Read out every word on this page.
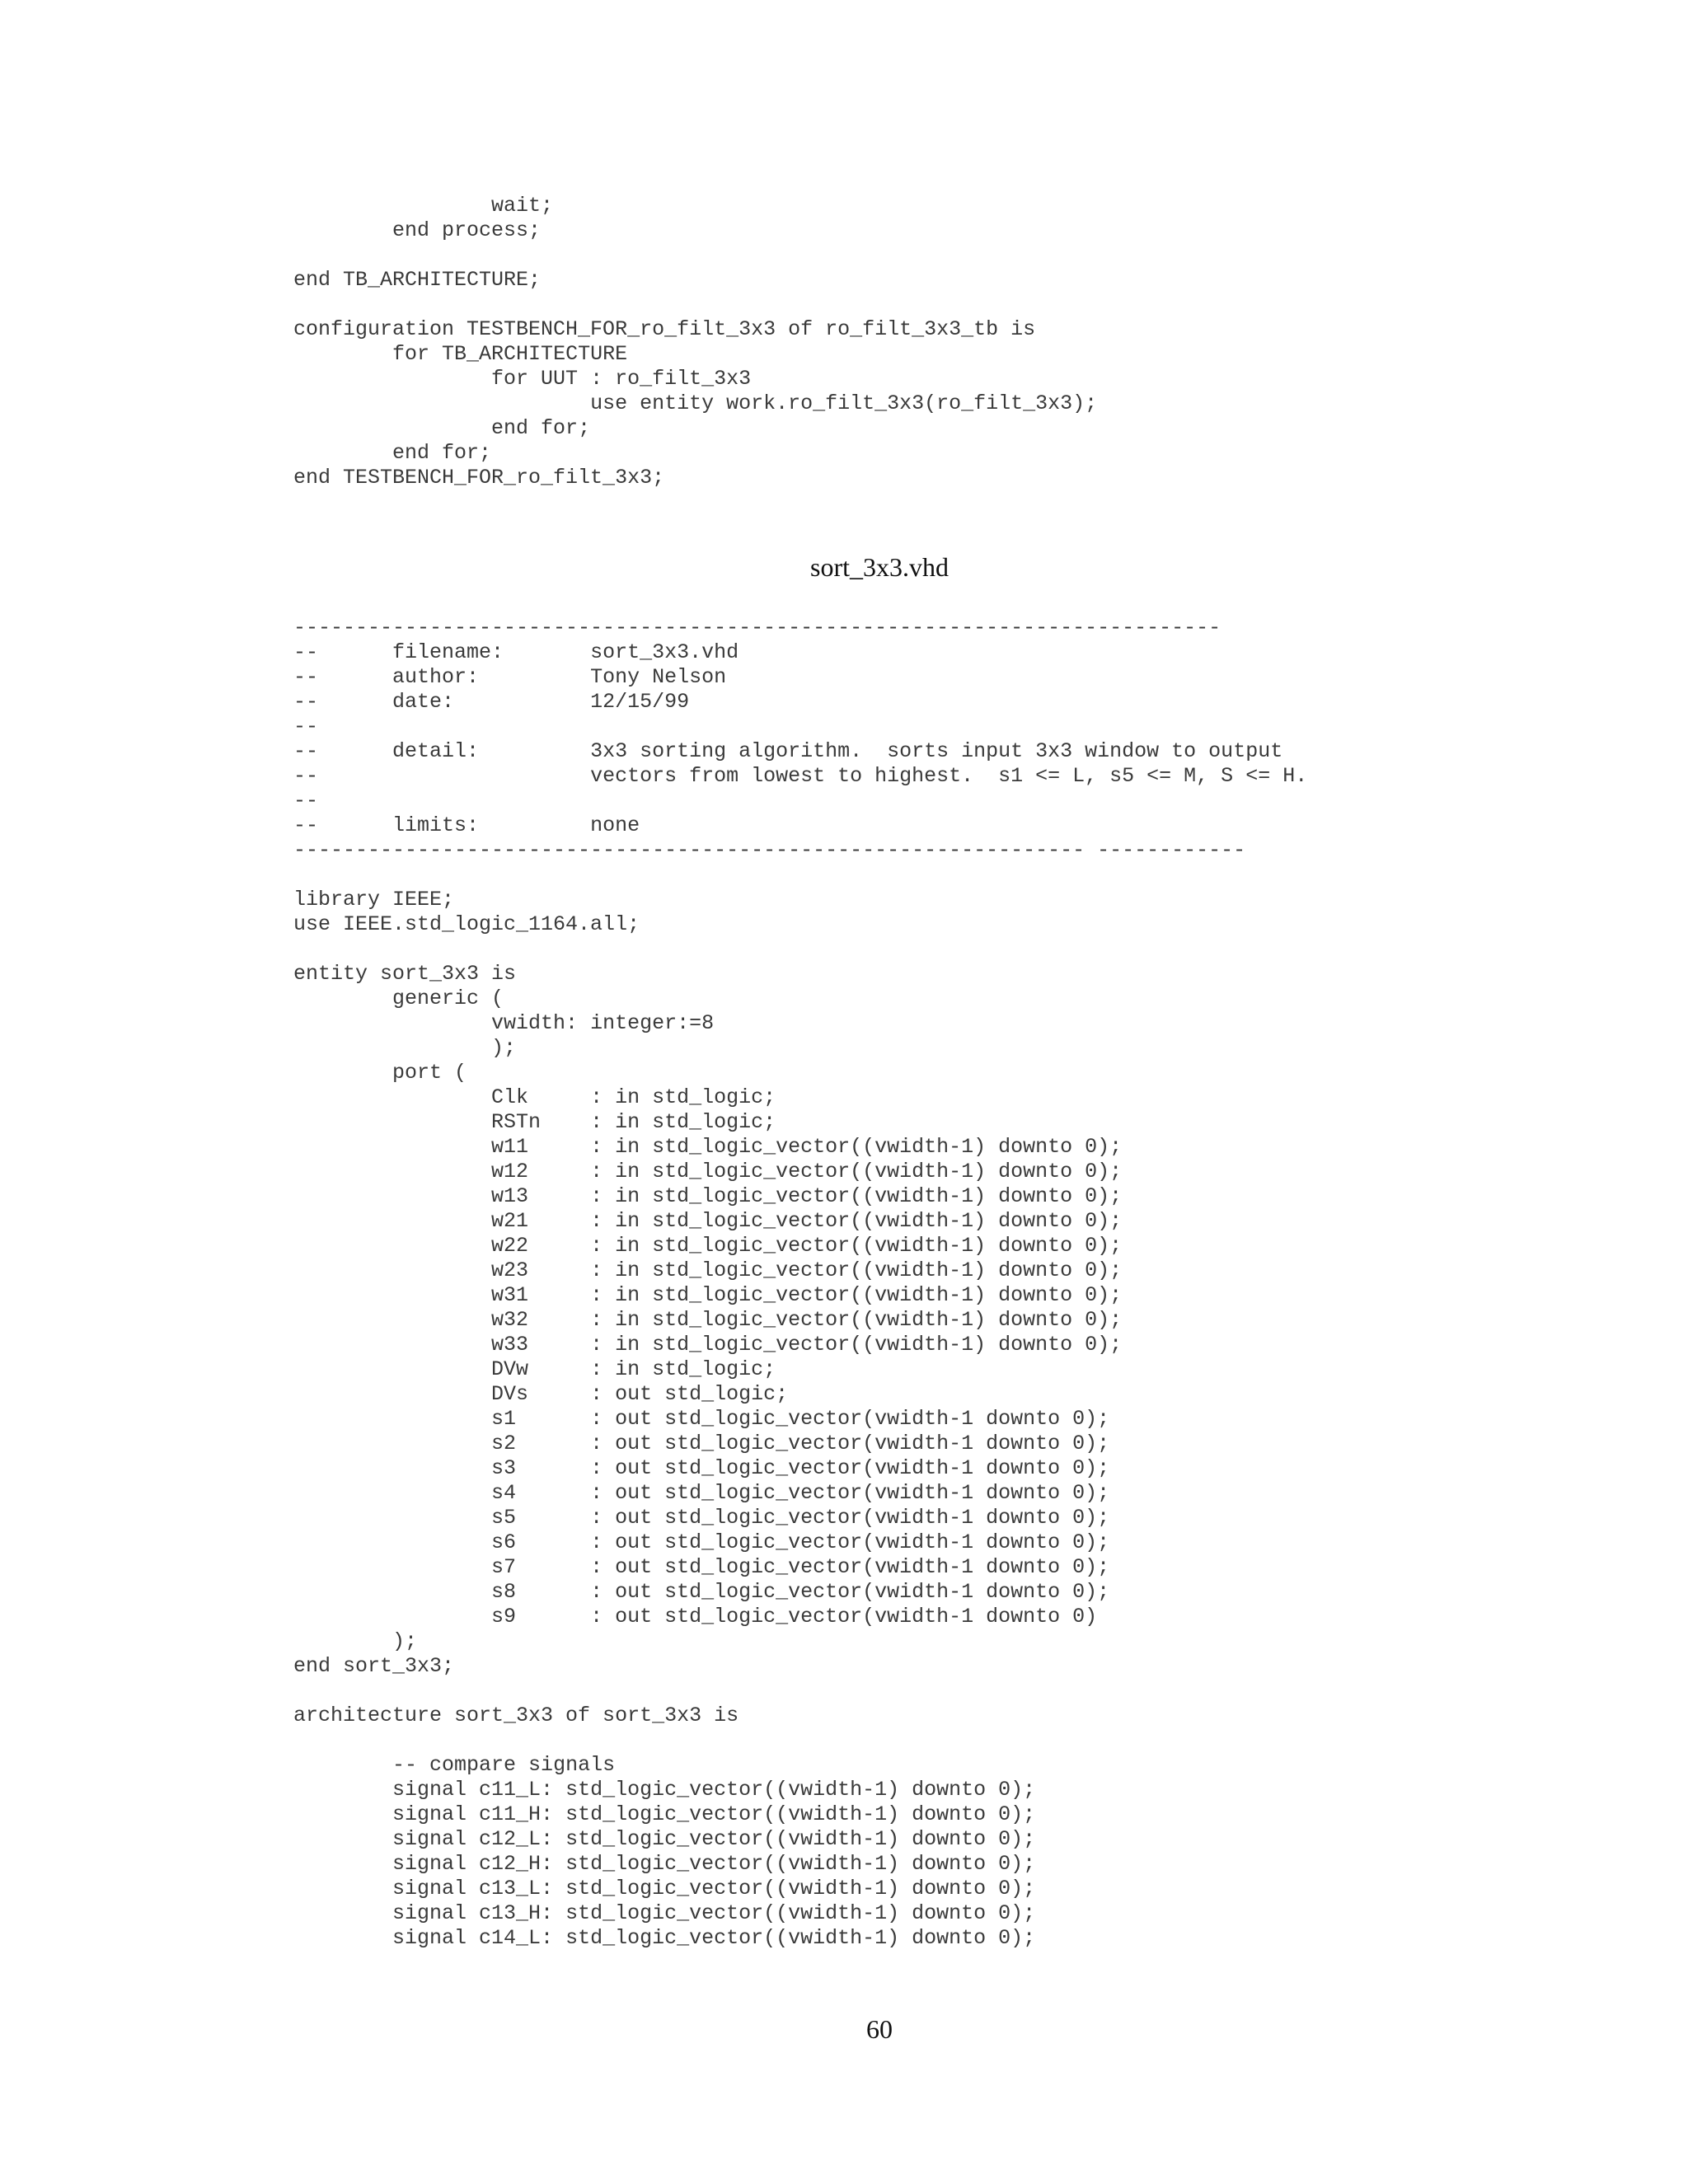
		wait;
	end process;

end TB_ARCHITECTURE;

configuration TESTBENCH_FOR_ro_filt_3x3 of ro_filt_3x3_tb is
	for TB_ARCHITECTURE
		for UUT : ro_filt_3x3
			use entity work.ro_filt_3x3(ro_filt_3x3);
		end for;
	end for;
end TESTBENCH_FOR_ro_filt_3x3;
sort_3x3.vhd
---------------------------------------------------------------------------
--	filename:	sort_3x3.vhd
--	author:		Tony Nelson
--	date:		12/15/99
--
--	detail:		3x3 sorting algorithm.  sorts input 3x3 window to output
--			vectors from lowest to highest.  s1 <= L, s5 <= M, S <= H.
--
--	limits:		none
---------------------------------------------------------------- ------------

library IEEE;
use IEEE.std_logic_1164.all;

entity sort_3x3 is
	generic (
		vwidth: integer:=8
		);
	port (
		Clk	: in std_logic;
		RSTn	: in std_logic;
		w11	: in std_logic_vector((vwidth-1) downto 0);
		w12	: in std_logic_vector((vwidth-1) downto 0);
		w13	: in std_logic_vector((vwidth-1) downto 0);
		w21	: in std_logic_vector((vwidth-1) downto 0);
		w22	: in std_logic_vector((vwidth-1) downto 0);
		w23	: in std_logic_vector((vwidth-1) downto 0);
		w31	: in std_logic_vector((vwidth-1) downto 0);
		w32	: in std_logic_vector((vwidth-1) downto 0);
		w33	: in std_logic_vector((vwidth-1) downto 0);
		DVw	: in std_logic;
		DVs	: out std_logic;
		s1	: out std_logic_vector(vwidth-1 downto 0);
		s2	: out std_logic_vector(vwidth-1 downto 0);
		s3	: out std_logic_vector(vwidth-1 downto 0);
		s4	: out std_logic_vector(vwidth-1 downto 0);
		s5	: out std_logic_vector(vwidth-1 downto 0);
		s6	: out std_logic_vector(vwidth-1 downto 0);
		s7	: out std_logic_vector(vwidth-1 downto 0);
		s8	: out std_logic_vector(vwidth-1 downto 0);
		s9	: out std_logic_vector(vwidth-1 downto 0)
	);
end sort_3x3;

architecture sort_3x3 of sort_3x3 is

	-- compare signals
	signal c11_L: std_logic_vector((vwidth-1) downto 0);
	signal c11_H: std_logic_vector((vwidth-1) downto 0);
	signal c12_L: std_logic_vector((vwidth-1) downto 0);
	signal c12_H: std_logic_vector((vwidth-1) downto 0);
	signal c13_L: std_logic_vector((vwidth-1) downto 0);
	signal c13_H: std_logic_vector((vwidth-1) downto 0);
	signal c14_L: std_logic_vector((vwidth-1) downto 0);
60
